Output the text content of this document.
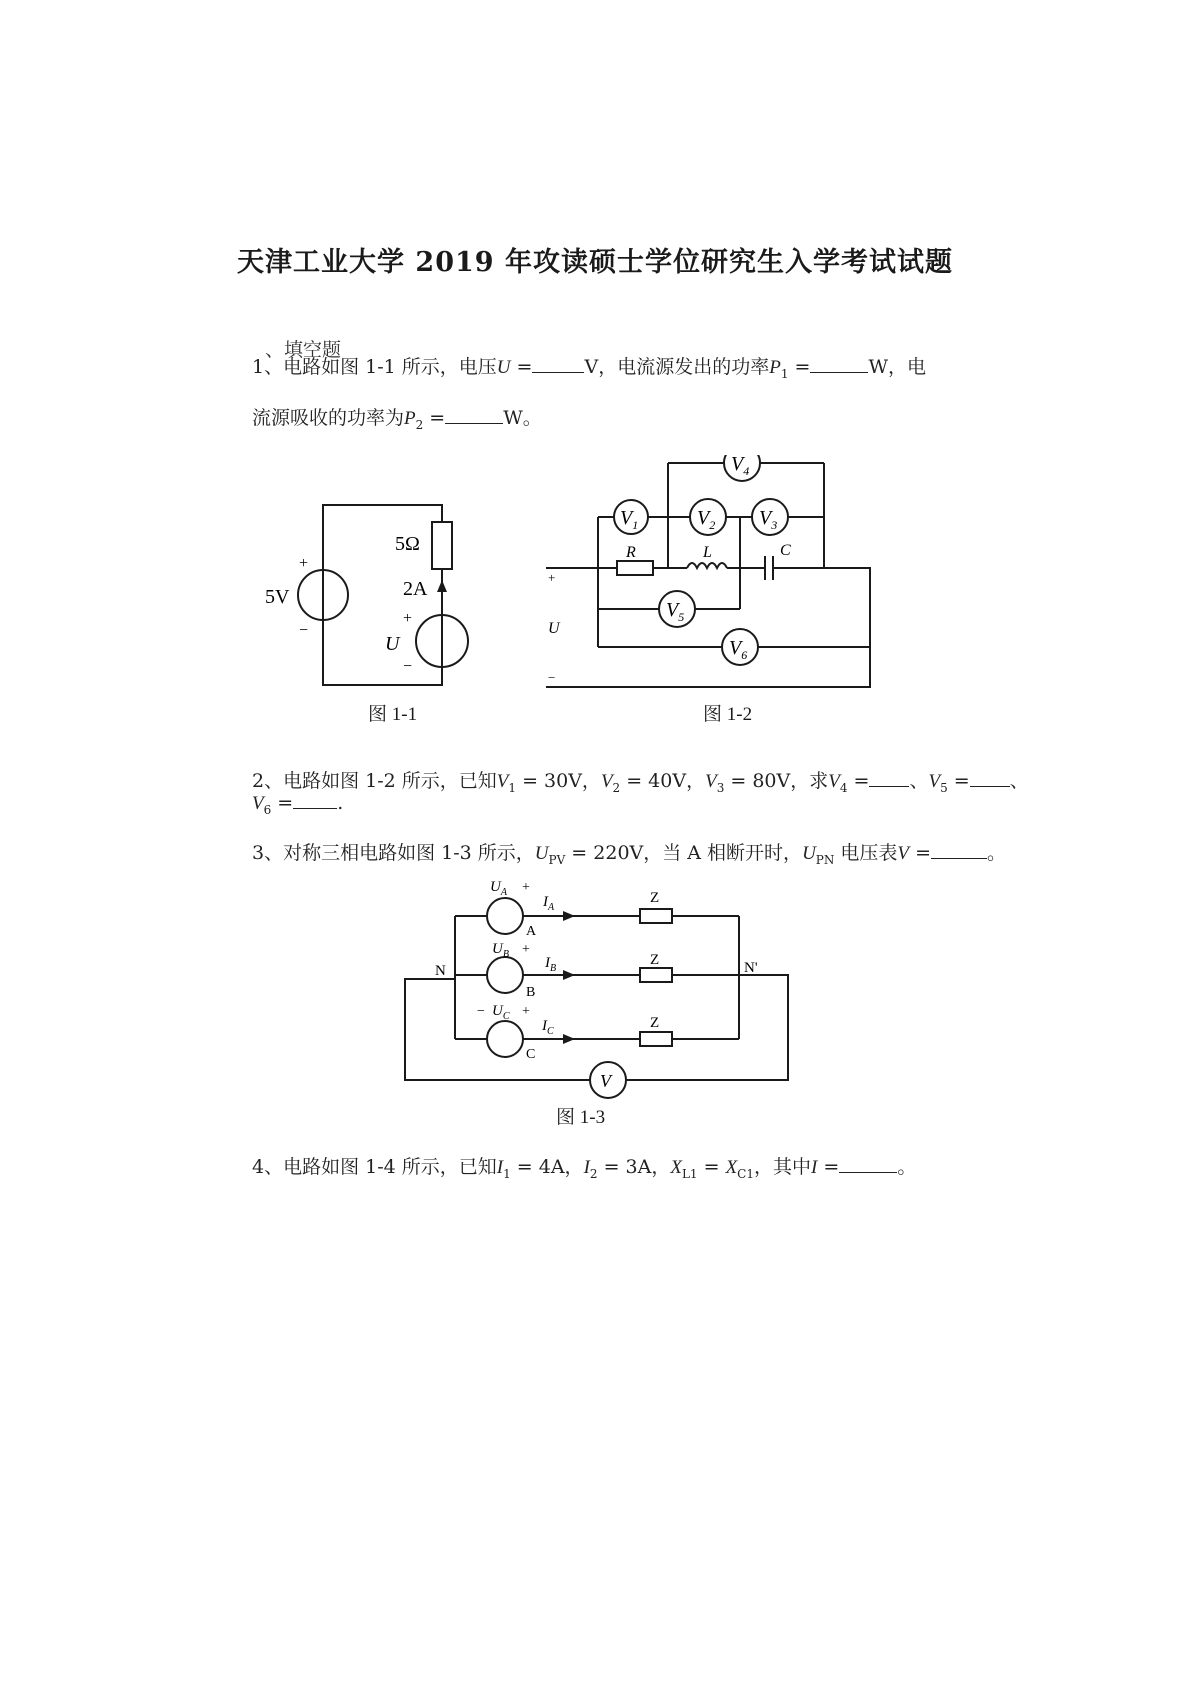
天津工业大学 2019 年攻读硕士学位研究生入学考试试题
、填空题
1、电路如图 1-1 所示，电压U =	V，电流源发出的功率$P_1$ =	W，电
流源吸收的功率为$P_2$ =	W。
+
−
5V
5Ω
2A
+
U
−
图 1-1
$V_1$	$V_2$ $V_3$
$V_4$
$V_5$
$V_6$
R	L	C
+
U
−
图 1-2
2、电路如图 1-2 所示，已知$V_1 = 30V$，$V_2 = 40V$，$V_3 = 80V$，求$V_4$ = 、$V_5$ = 、
$V_6$ = .
3、对称三相电路如图 1-3 所示，$U_{PV} = 220V$，当 A 相断开时，$U_{PN}$ 电压表V =	。
$U_A$ +
$I_A$
A
$U_B$ +
$I_B$
B
− $U_C$ +
$I_C$
C
Z
Z
Z
N	N'
V
图 1-3
4、电路如图 1-4 所示，已知$I_1 = 4A$，$I_2 = 3A$，$X_{L1} = X_{C1}$，其中I =	。
